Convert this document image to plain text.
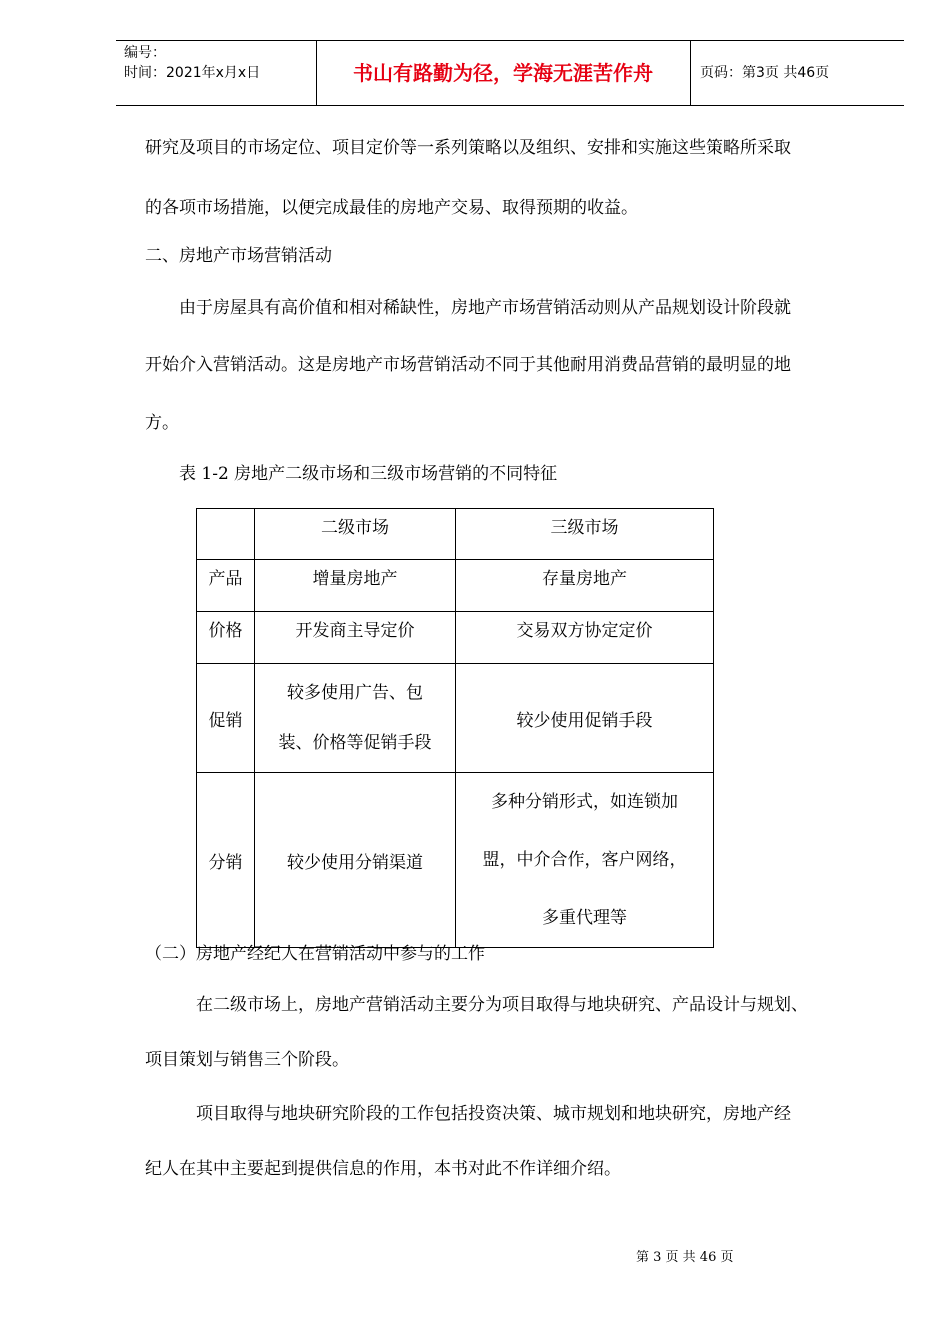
编号：
时间：2021年x月x日	书山有路勤为径，学海无涯苦作舟	页码：第3页 共46页
研究及项目的市场定位、项目定价等一系列策略以及组织、安排和实施这些策略所采取
的各项市场措施，以便完成最佳的房地产交易、取得预期的收益。
二、房地产市场营销活动
由于房屋具有高价值和相对稀缺性，房地产市场营销活动则从产品规划设计阶段就
开始介入营销活动。这是房地产市场营销活动不同于其他耐用消费品营销的最明显的地
方。
表 1-2 房地产二级市场和三级市场营销的不同特征
	二级市场	三级市场
产品	增量房地产	存量房地产
价格	开发商主导定价	交易双方协定定价
促销	较多使用广告、包
装、价格等促销手段	较少使用促销手段
分销	较少使用分销渠道	多种分销形式，如连锁加
盟，中介合作，客户网络，
多重代理等
（二）房地产经纪人在营销活动中参与的工作
在二级市场上，房地产营销活动主要分为项目取得与地块研究、产品设计与规划、
项目策划与销售三个阶段。
项目取得与地块研究阶段的工作包括投资决策、城市规划和地块研究，房地产经
纪人在其中主要起到提供信息的作用，本书对此不作详细介绍。
第 3 页 共 46 页
